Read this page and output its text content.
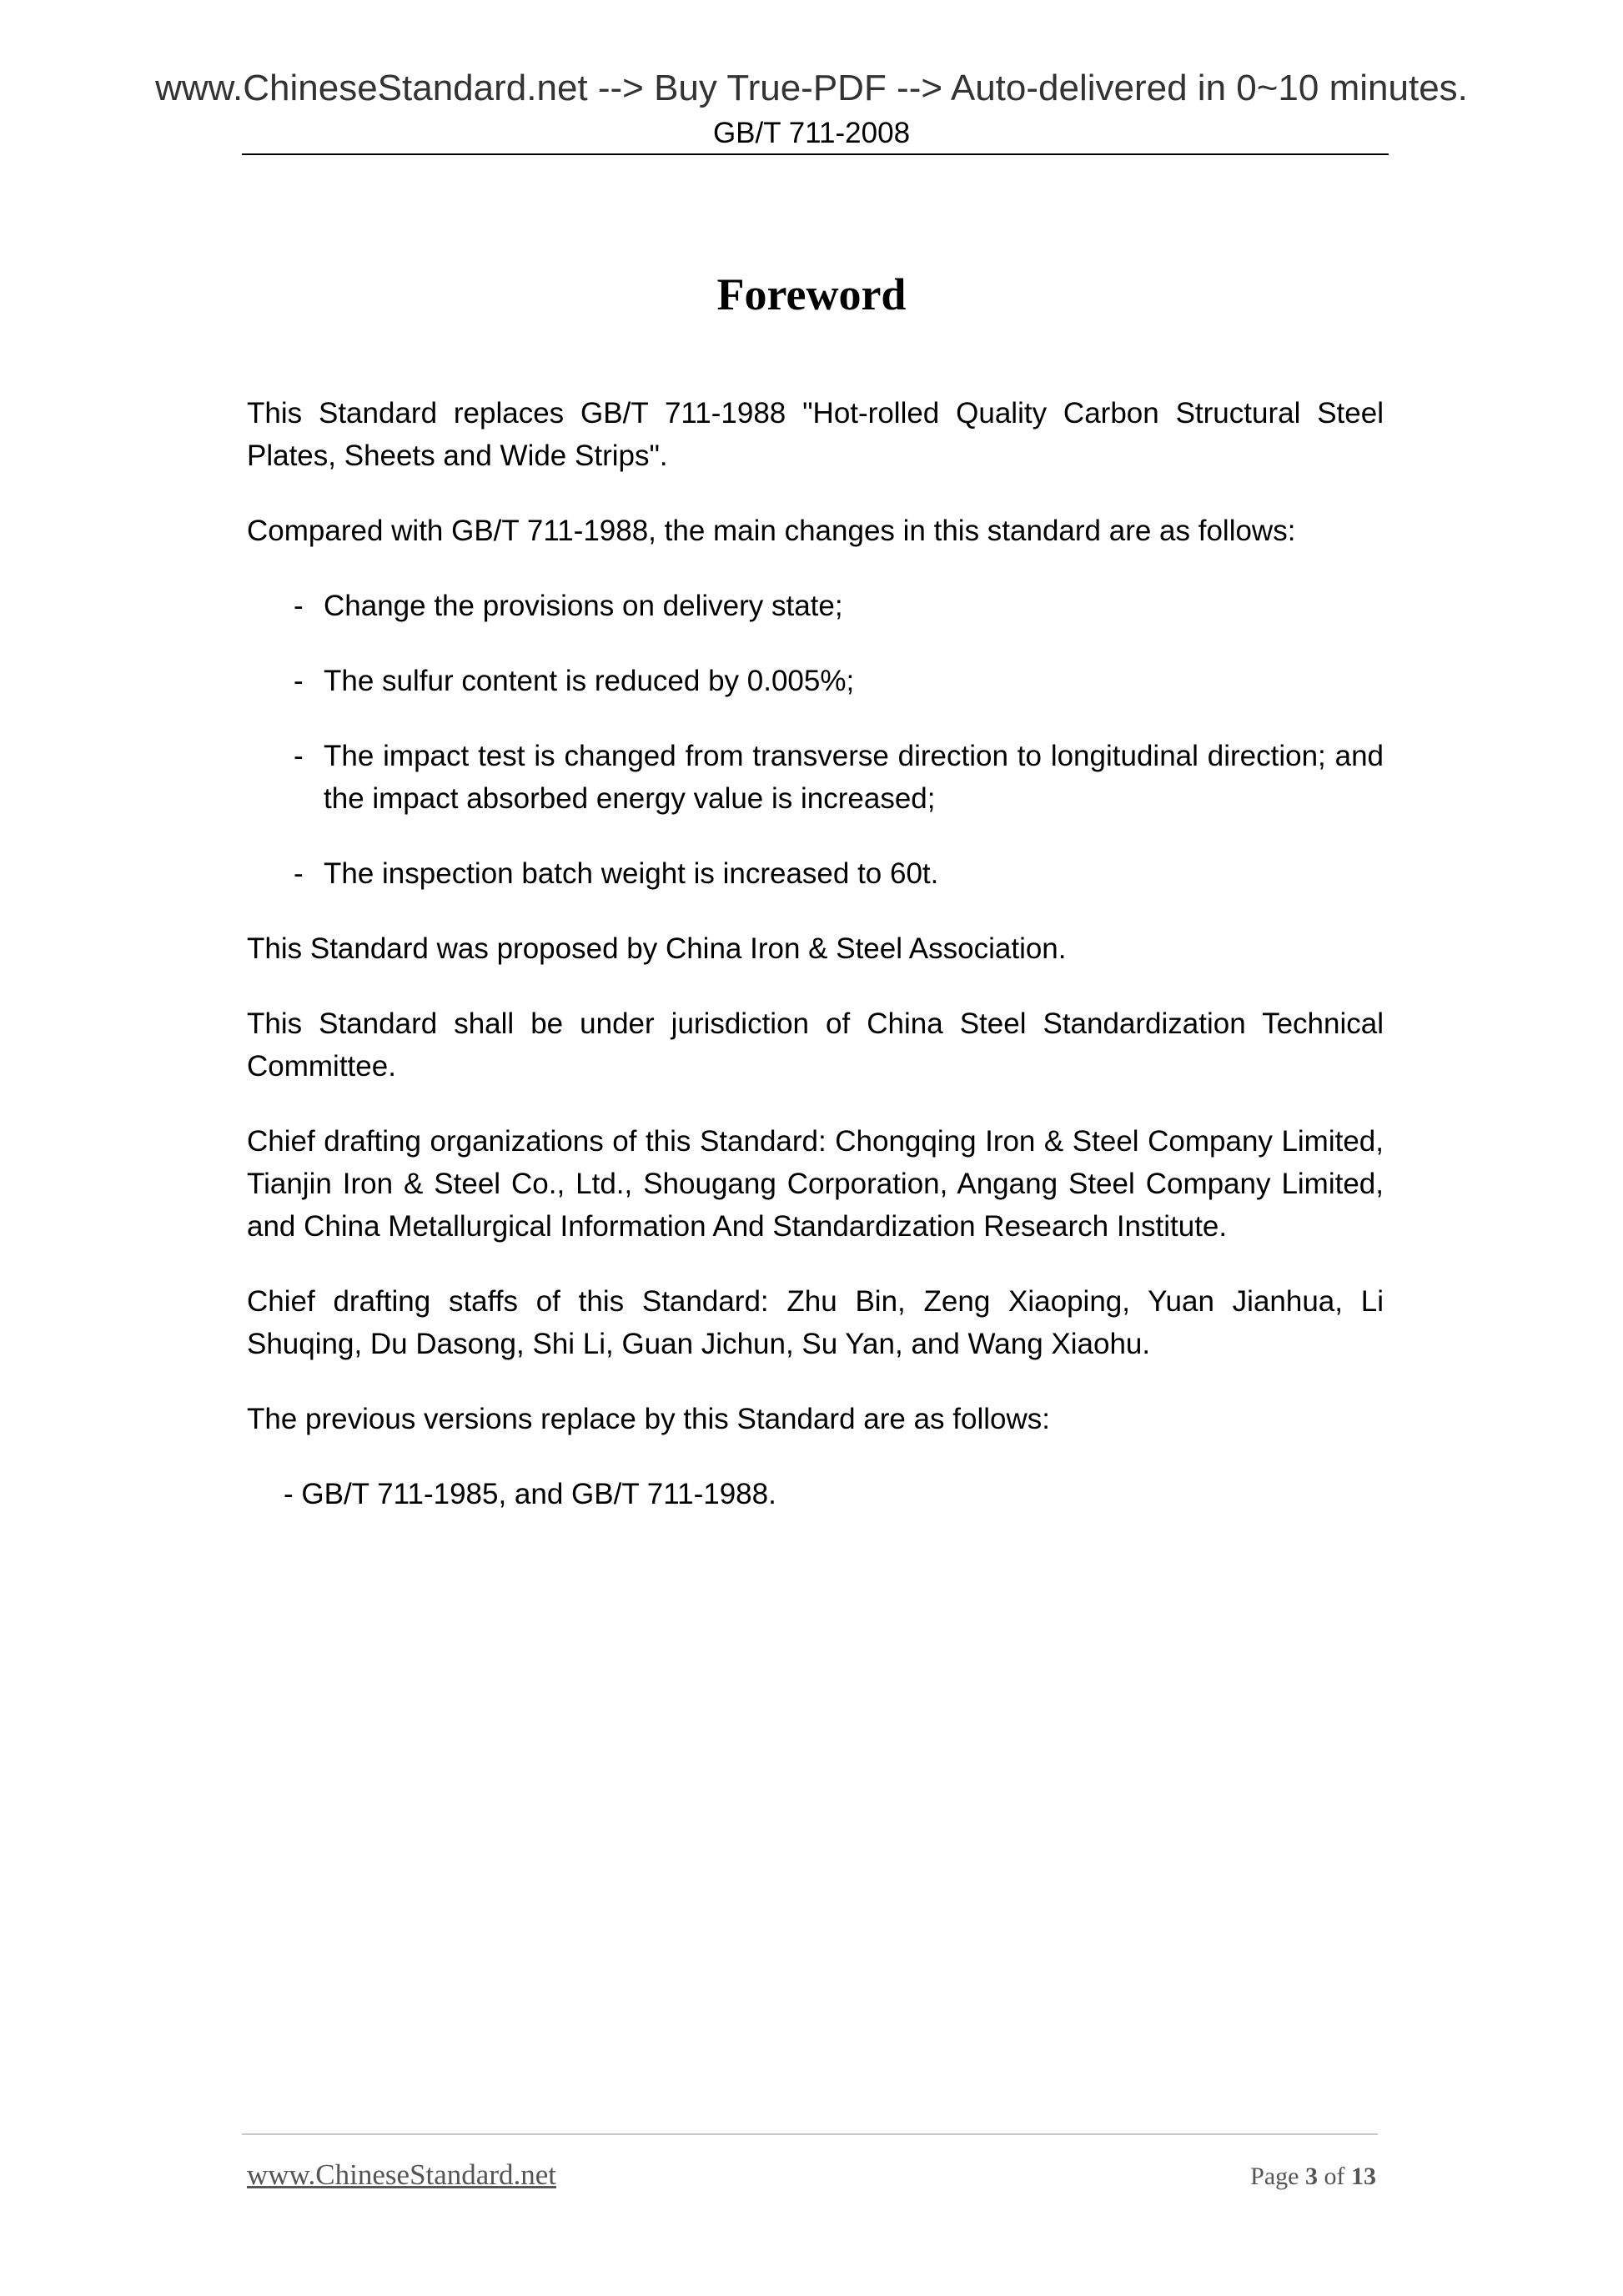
www.ChineseStandard.net --> Buy True-PDF --> Auto-delivered in 0~10 minutes.
GB/T 711-2008
Foreword

This Standard replaces GB/T 711-1988 "Hot-rolled Quality Carbon Structural Steel Plates, Sheets and Wide Strips".

Compared with GB/T 711-1988, the main changes in this standard are as follows:

- Change the provisions on delivery state;
- The sulfur content is reduced by 0.005%;
- The impact test is changed from transverse direction to longitudinal direction; and the impact absorbed energy value is increased;
- The inspection batch weight is increased to 60t.

This Standard was proposed by China Iron & Steel Association.

This Standard shall be under jurisdiction of China Steel Standardization Technical Committee.

Chief drafting organizations of this Standard: Chongqing Iron & Steel Company Limited, Tianjin Iron & Steel Co., Ltd., Shougang Corporation, Angang Steel Company Limited, and China Metallurgical Information And Standardization Research Institute.

Chief drafting staffs of this Standard: Zhu Bin, Zeng Xiaoping, Yuan Jianhua, Li Shuqing, Du Dasong, Shi Li, Guan Jichun, Su Yan, and Wang Xiaohu.

The previous versions replace by this Standard are as follows:

- GB/T 711-1985, and GB/T 711-1988.

www.ChineseStandard.net	Page 3 of 13
